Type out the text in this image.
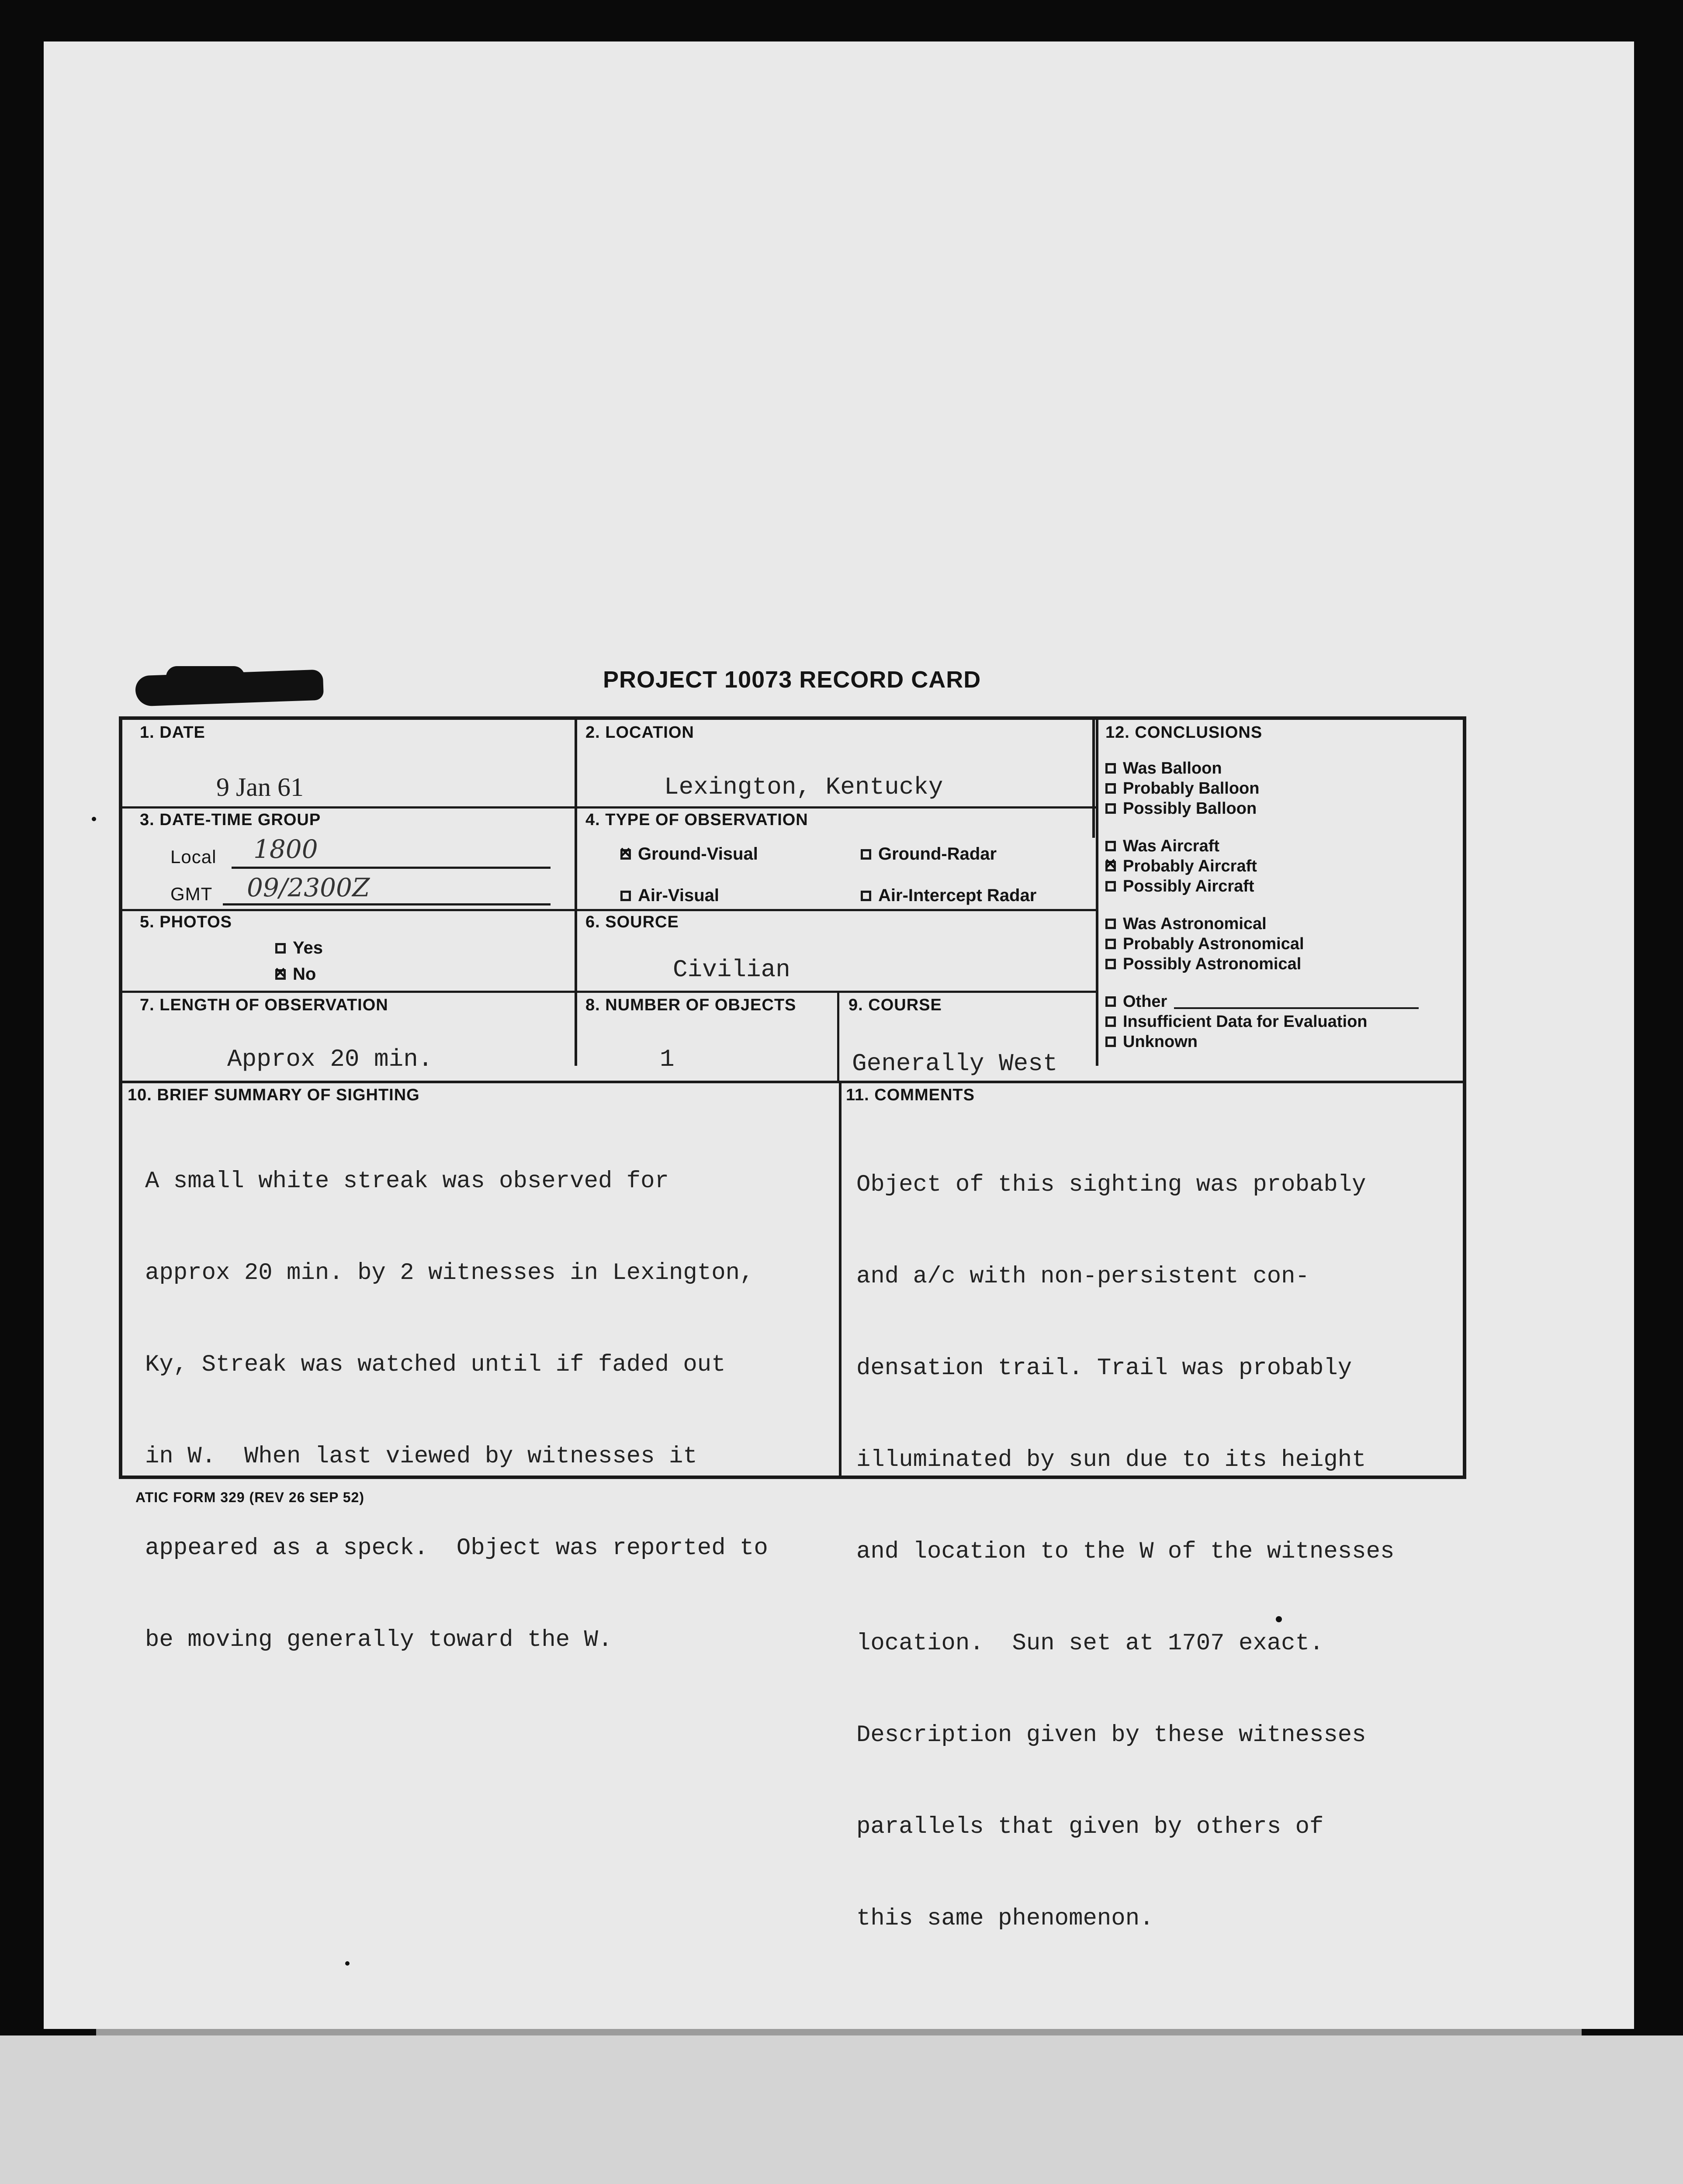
PROJECT 10073 RECORD CARD
1. DATE
9 Jan 61
2. LOCATION
Lexington, Kentucky
3. DATE-TIME GROUP
Local 1800
GMT 09/2300Z
4. TYPE OF OBSERVATION
×
Ground-Visual	Ground-Radar
Air-Visual	Air-Intercept Radar
5. PHOTOS
Yes
×
No
6. SOURCE
Civilian
7. LENGTH OF OBSERVATION
Approx 20 min.
8. NUMBER OF OBJECTS
1
9. COURSE
Generally West
12. CONCLUSIONS
Was Balloon
Probably Balloon
Possibly Balloon
Was Aircraft
×
Probably Aircraft
Possibly Aircraft
Was Astronomical
Probably Astronomical
Possibly Astronomical
Other
Insufficient Data for Evaluation
Unknown
10. BRIEF SUMMARY OF SIGHTING

A small white streak was observed for

approx 20 min. by 2 witnesses in Lexington,

Ky, Streak was watched until if faded out

in W.  When last viewed by witnesses it

appeared as a speck.  Object was reported to

be moving generally toward the W.

11. COMMENTS

Object of this sighting was probably

and a/c with non-persistent con-

densation trail. Trail was probably

illuminated by sun due to its height

and location to the W of the witnesses

location.  Sun set at 1707 exact.

Description given by these witnesses

parallels that given by others of

this same phenomenon.

ATIC FORM 329 (REV 26 SEP 52)
